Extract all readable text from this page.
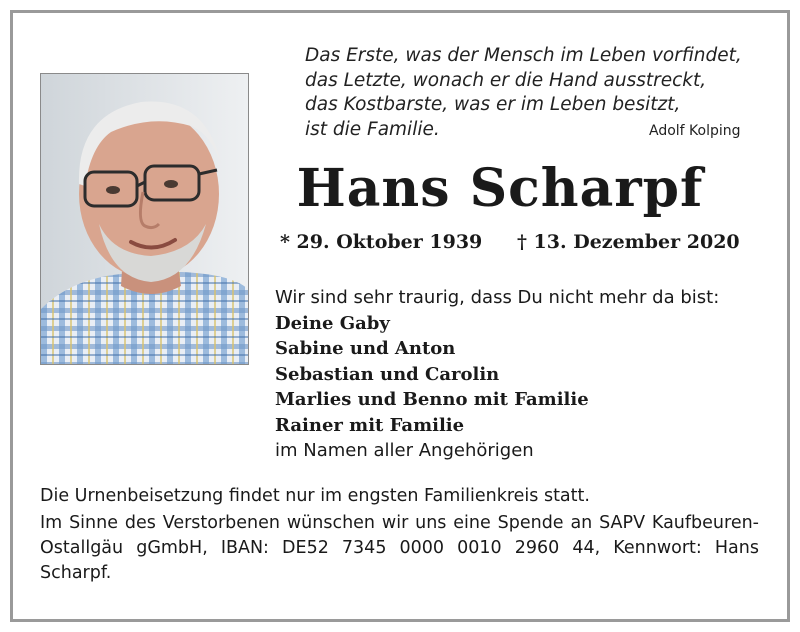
Das Erste, was der Mensch im Leben vorfindet,
das Letzte, wonach er die Hand ausstreckt,
das Kostbarste, was er im Leben besitzt,
ist die Familie.	Adolf Kolping
Hans Scharpf
* 29. Oktober 1939 † 13. Dezember 2020
Wir sind sehr traurig, dass Du nicht mehr da bist:
Deine Gaby
Sabine und Anton
Sebastian und Carolin
Marlies und Benno mit Familie
Rainer mit Familie
im Namen aller Angehörigen

Die Urnenbeisetzung findet nur im engsten Familienkreis statt.

Im Sinne des Verstorbenen wünschen wir uns eine Spende an SAPV Kaufbeuren-Ostallgäu gGmbH, IBAN: DE52 7345 0000 0010 2960 44, Kennwort: Hans Scharpf.
